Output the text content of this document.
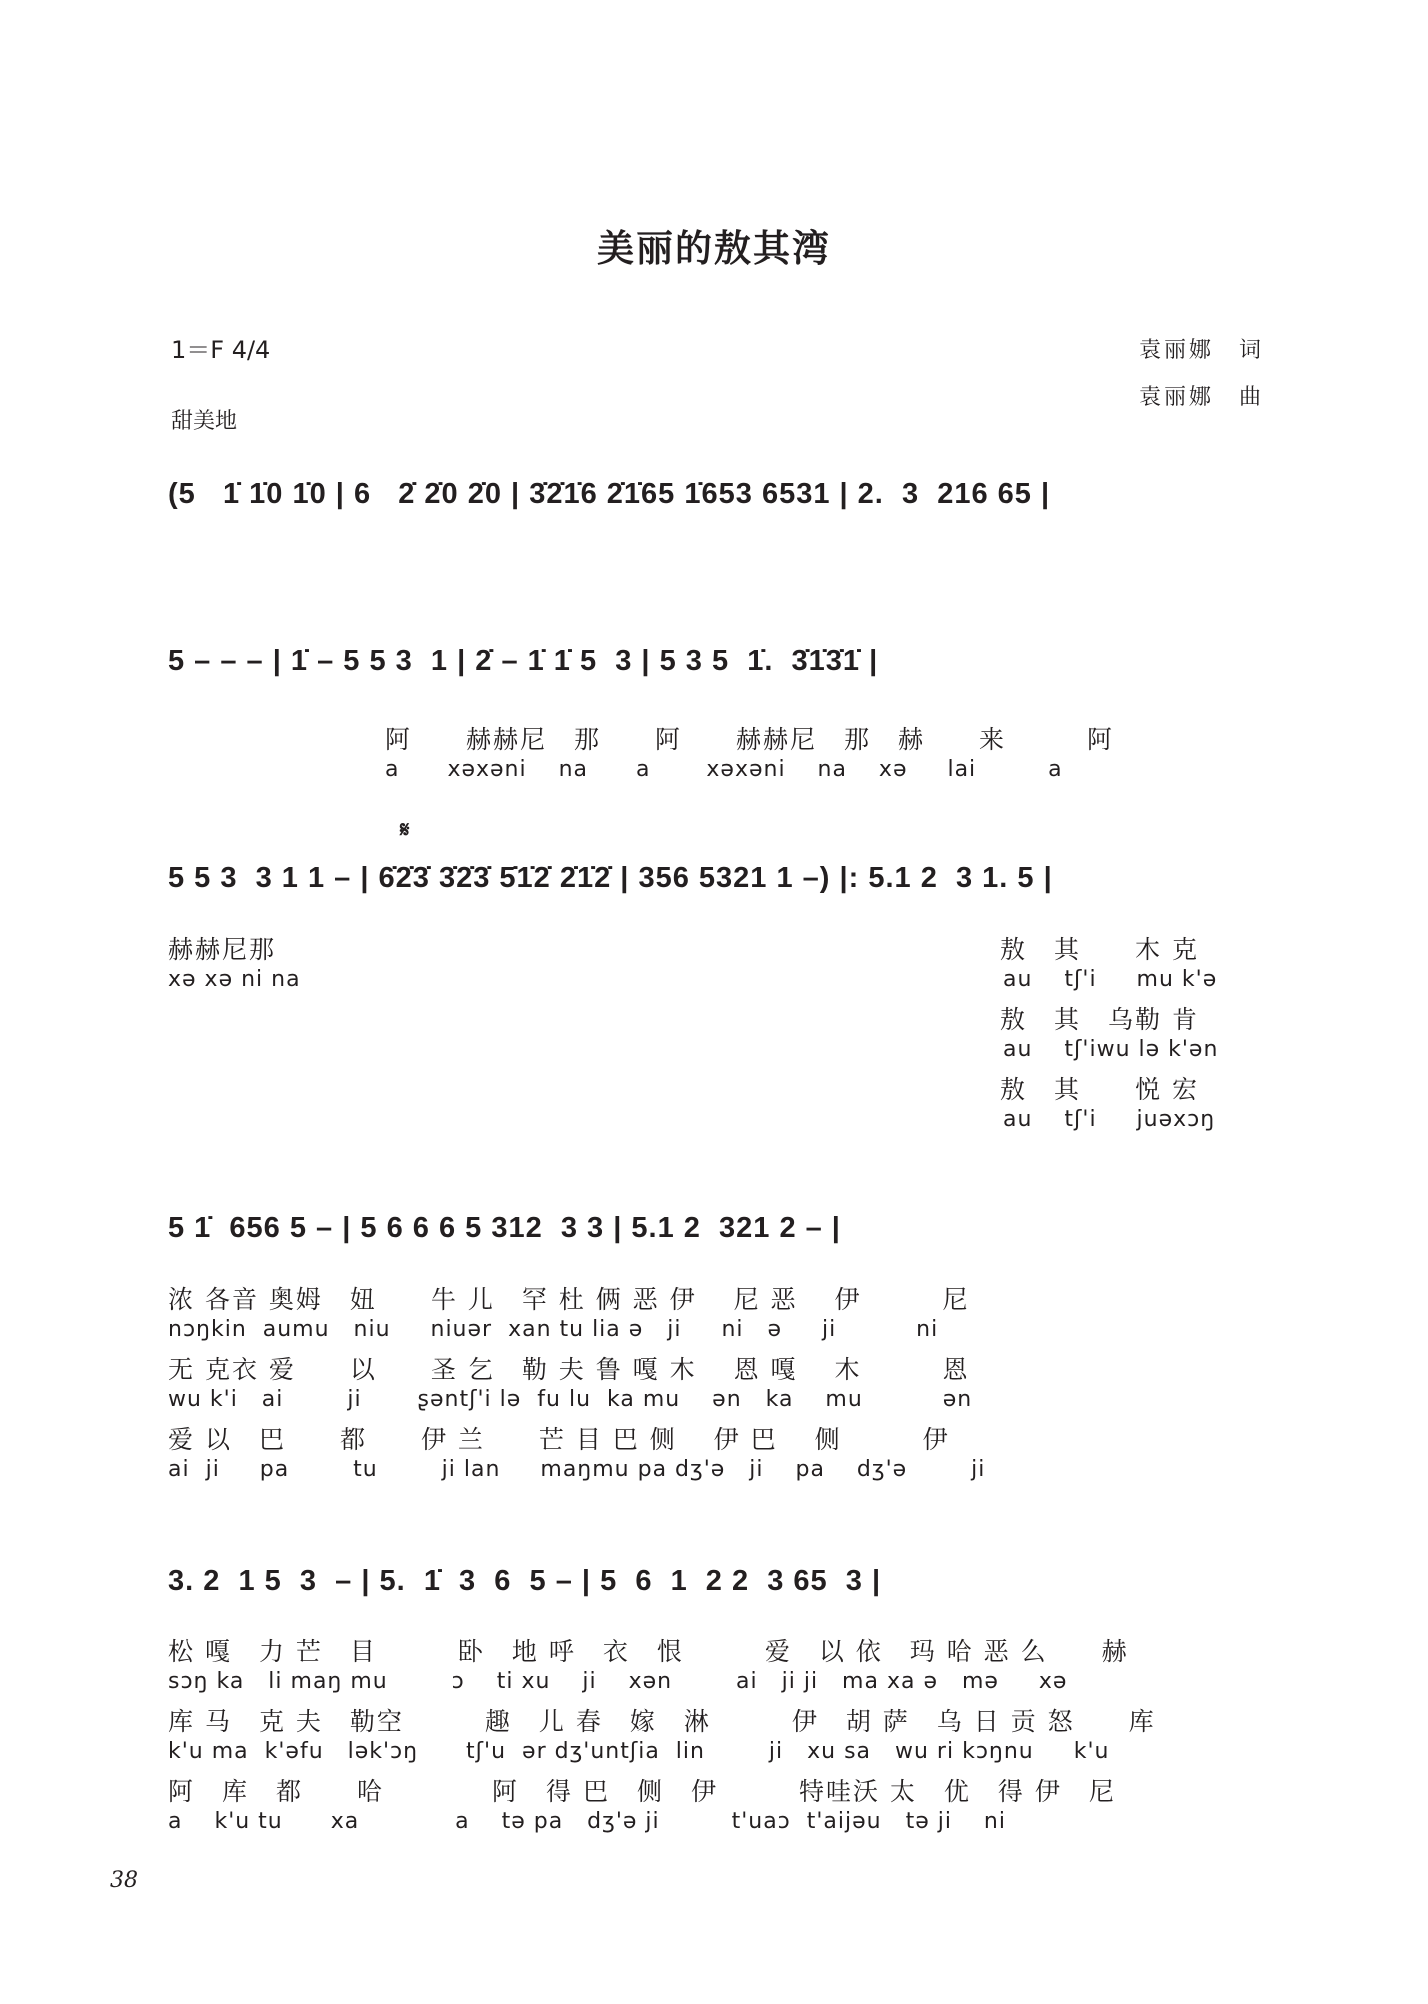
美丽的敖其湾
1＝F 4/4
甜美地
袁丽娜　词
袁丽娜　曲
(5   1̇ 1̇0 1̇0 | 6   2̇ 2̇0 2̇0 | 3̇2̇1̇6 2̇1̇65 1̇653 6531 | 2.  3  216 65 |
5 – – – | 1̇ – 5 5 3  1 | 2̇ – 1̇ 1̇ 5  3 | 5 3 5  1̇.  3̇1̇3̇1̇ |
阿　　赫赫尼　那　　阿　　赫赫尼　那　赫　　来　　　阿
a      xəxəni    na      a       xəxəni    na    xə     lai         a
𝄋
5 5 3  3 1 1 – | 6̇2̇3̇ 3̇2̇3̇ 5̇1̇2̇ 2̇1̇2̇ | 356 5321 1 –) |: 5.1 2  3 1. 5 |
赫赫尼那
xə xə ni na
敖　其　　木 克
au    tʃ'i     mu k'ə
敖　其　乌勒 肯
au    tʃ'iwu lə k'ən
敖　其　　悦 宏
au    tʃ'i     juəxɔŋ
5 1̇  656 5 – | 5 6 6 6 5 312  3 3 | 5.1 2  321 2 – |
浓 各音 奥姆　妞　　牛 儿　罕 杜 俩 恶 伊　 尼 恶　 伊　　　尼
nɔŋkin  aumu   niu     niuər  xan tu lia ə   ji     ni   ə     ji          ni
无 克衣 爱　　以　　圣 乞　勒 夫 鲁 嘎 木　 恩 嘎　 木　　　恩
wu k'i   ai        ji       ʂəntʃ'i lə  fu lu  ka mu    ən   ka    mu          ən
爱 以　巴　　都　　伊 兰　　芒 目 巴 侧　 伊 巴　 侧　　　伊
ai  ji     pa        tu        ji lan     maŋmu pa dʒ'ə   ji    pa    dʒ'ə        ji
3. 2  1 5  3  – | 5.  1̇  3  6  5 – | 5  6  1  2 2  3 65  3 |
松 嘎　力 芒　目　　　卧　地 呼　衣　恨　　　爱　以 依　玛 哈 恶 么　　赫
sɔŋ ka   li maŋ mu        ɔ    ti xu    ji    xən        ai   ji ji   ma xa ə   mə     xə
库 马　克 夫　勒空　　　趣　儿 春　嫁　淋　　　伊　胡 萨　乌 日 贡 怒　　库
k'u ma  k'əfu   lək'ɔŋ      tʃ'u  ər dʒ'untʃia  lin        ji   xu sa   wu ri kɔŋnu     k'u
阿　库　都　　哈　　　　阿　得 巴　侧　伊　　　特哇沃 太　优　得 伊　尼
a    k'u tu      xa            a    tə pa   dʒ'ə ji         t'uaɔ  t'aijəu   tə ji    ni
38
